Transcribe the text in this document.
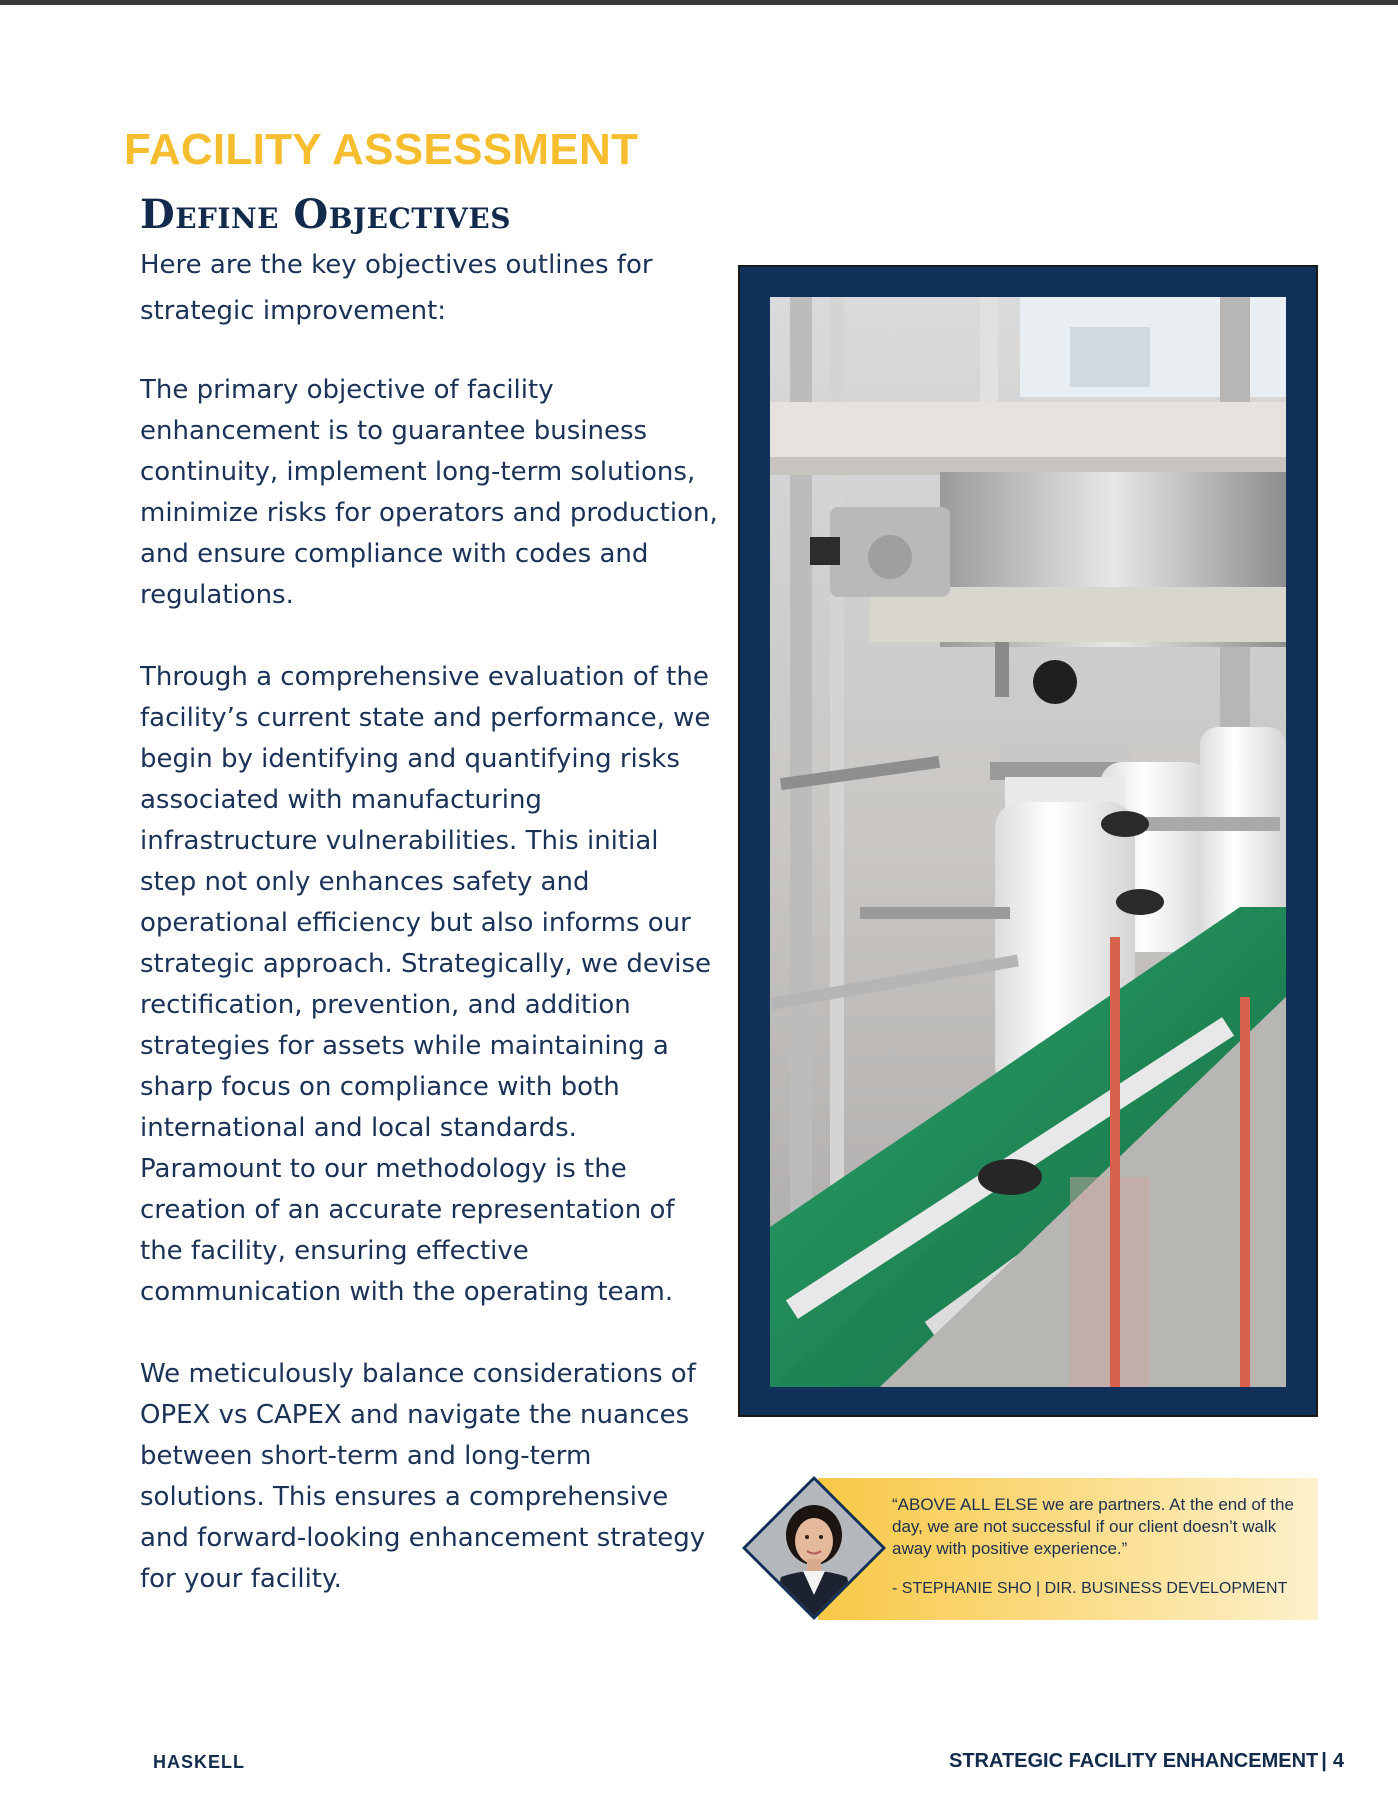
FACILITY ASSESSMENT
Define Objectives

Here are the key objectives outlines for strategic improvement:

The primary objective of facility enhancement is to guarantee business continuity, implement long-term solutions, minimize risks for operators and production, and ensure compliance with codes and regulations.

Through a comprehensive evaluation of the facility’s current state and performance, we begin by identifying and quantifying risks associated with manufacturing infrastructure vulnerabilities. This initial step not only enhances safety and operational efficiency but also informs our strategic approach. Strategically, we devise rectification, prevention, and addition strategies for assets while maintaining a sharp focus on compliance with both international and local standards. Paramount to our methodology is the creation of an accurate representation of the facility, ensuring effective communication with the operating team.

We meticulously balance considerations of OPEX vs CAPEX and navigate the nuances between short-term and long-term solutions. This ensures a comprehensive and forward-looking enhancement strategy for your facility.

“ABOVE ALL ELSE we are partners. At the end of the day, we are not successful if our client doesn’t walk away with positive experience.”

- STEPHANIE SHO | DIR. BUSINESS DEVELOPMENT

HASKELL	STRATEGIC FACILITY ENHANCEMENT | 4
